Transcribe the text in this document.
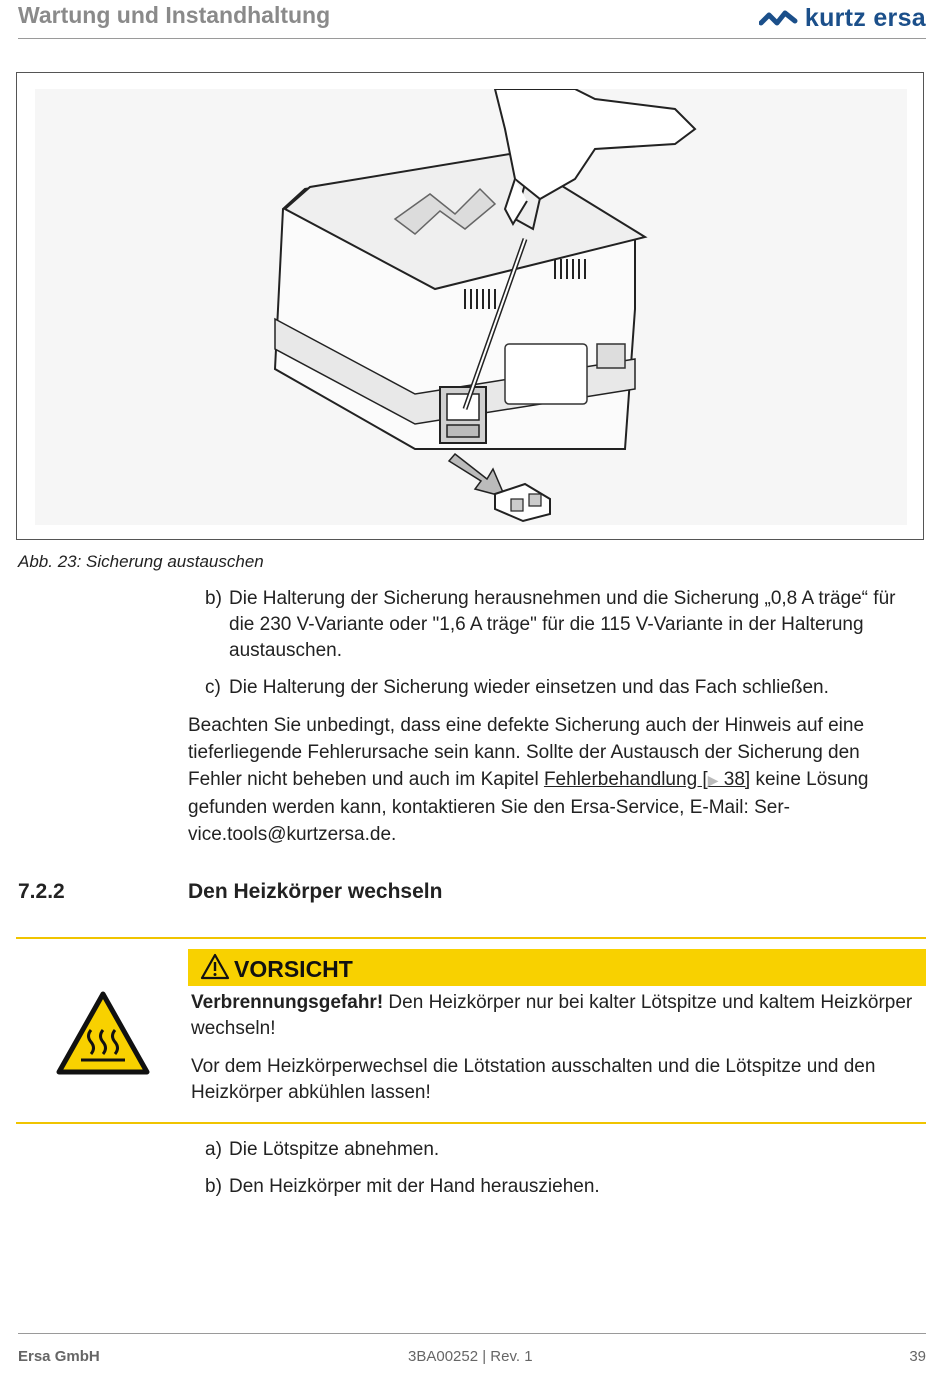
Wartung und Instandhaltung	kurtz ersa
Abb. 23: Sicherung austauschen
b) Die Halterung der Sicherung herausnehmen und die Sicherung „0,8 A träge“ für die 230 V-Variante oder "1,6 A träge" für die 115 V-Variante in der Halterung austauschen.
c) Die Halterung der Sicherung wieder einsetzen und das Fach schließen.
Beachten Sie unbedingt, dass eine defekte Sicherung auch der Hinweis auf eine tieferliegende Fehlerursache sein kann. Sollte der Austausch der Sicherung den Fehler nicht beheben und auch im Kapitel Fehlerbehandlung [▶ 38] keine Lösung gefunden werden kann, kontaktieren Sie den Ersa-Service, E-Mail: Ser-vice.tools@kurtzersa.de.
7.2.2	Den Heizkörper wechseln
VORSICHT
Verbrennungsgefahr! Den Heizkörper nur bei kalter Lötspitze und kaltem Heizkörper wechseln!
Vor dem Heizkörperwechsel die Lötstation ausschalten und die Lötspitze und den Heizkörper abkühlen lassen!
a) Die Lötspitze abnehmen.
b) Den Heizkörper mit der Hand herausziehen.
Ersa GmbH	3BA00252 | Rev. 1	39
